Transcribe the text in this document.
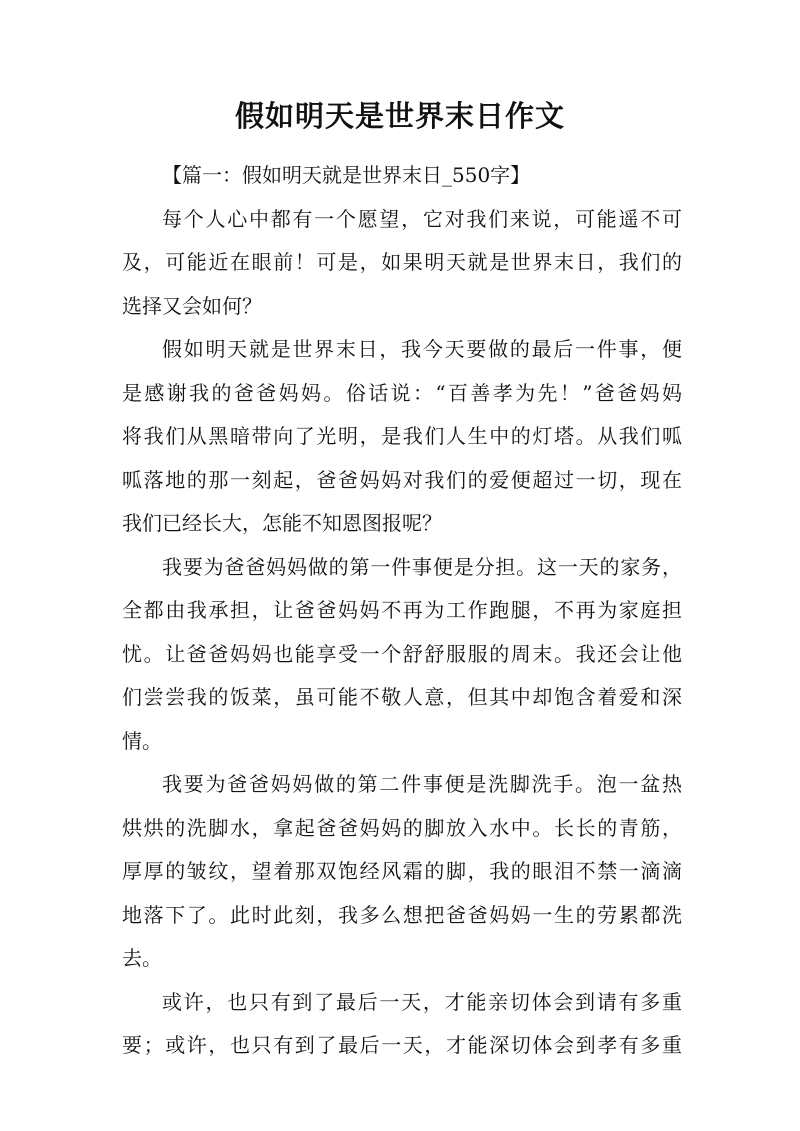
假如明天是世界末日作文
【篇一：假如明天就是世界末日_550字】
每个人心中都有一个愿望，它对我们来说，可能遥不可
及，可能近在眼前！可是，如果明天就是世界末日，我们的
选择又会如何？
假如明天就是世界末日，我今天要做的最后一件事，便
是感谢我的爸爸妈妈。俗话说：“百善孝为先！”爸爸妈妈
将我们从黑暗带向了光明，是我们人生中的灯塔。从我们呱
呱落地的那一刻起，爸爸妈妈对我们的爱便超过一切，现在
我们已经长大，怎能不知恩图报呢？
我要为爸爸妈妈做的第一件事便是分担。这一天的家务，
全都由我承担，让爸爸妈妈不再为工作跑腿，不再为家庭担
忧。让爸爸妈妈也能享受一个舒舒服服的周末。我还会让他
们尝尝我的饭菜，虽可能不敬人意，但其中却饱含着爱和深
情。
我要为爸爸妈妈做的第二件事便是洗脚洗手。泡一盆热
烘烘的洗脚水，拿起爸爸妈妈的脚放入水中。长长的青筋，
厚厚的皱纹，望着那双饱经风霜的脚，我的眼泪不禁一滴滴
地落下了。此时此刻，我多么想把爸爸妈妈一生的劳累都洗
去。
或许，也只有到了最后一天，才能亲切体会到请有多重
要；或许，也只有到了最后一天，才能深切体会到孝有多重
